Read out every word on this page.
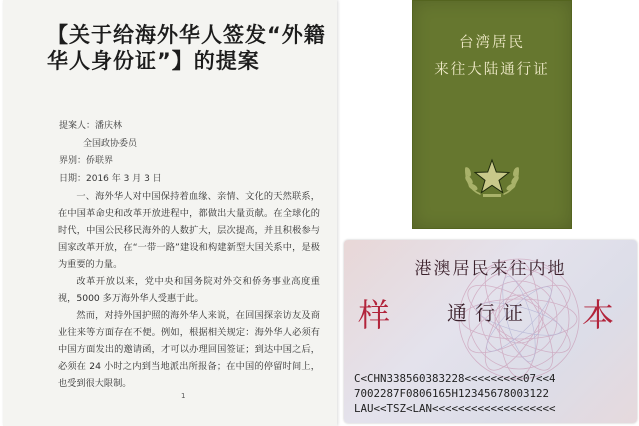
【关于给海外华人签发“外籍华人身份证”】的提案
提案人：潘庆林
全国政协委员
界别：侨联界
日期：2016 年 3 月 3 日

一、海外华人对中国保持着血缘、亲情、文化的天然联系，在中国革命史和改革开放进程中，都做出大量贡献。在全球化的时代，中国公民移民海外的人数扩大，层次提高，并且积极参与国家改革开放，在“一带一路”建设和构建新型大国关系中，是极为重要的力量。

改革开放以来，党中央和国务院对外交和侨务事业高度重视，5000 多万海外华人受惠于此。

然而，对持外国护照的海外华人来说，在回国探亲访友及商业往来等方面存在不便。例如，根据相关规定：海外华人必须有中国方面发出的邀请函，才可以办理回国签证；到达中国之后，必须在 24 小时之内到当地派出所报备；在中国的停留时间上，也受到很大限制。

1
台湾居民
来往大陆通行证
港澳居民来往内地
样	通行证	本
C<CHN338560383228<<<<<<<<<07<<4
7002287F0806165H12345678003122
LAU<<TSZ<LAN<<<<<<<<<<<<<<<<<<<
